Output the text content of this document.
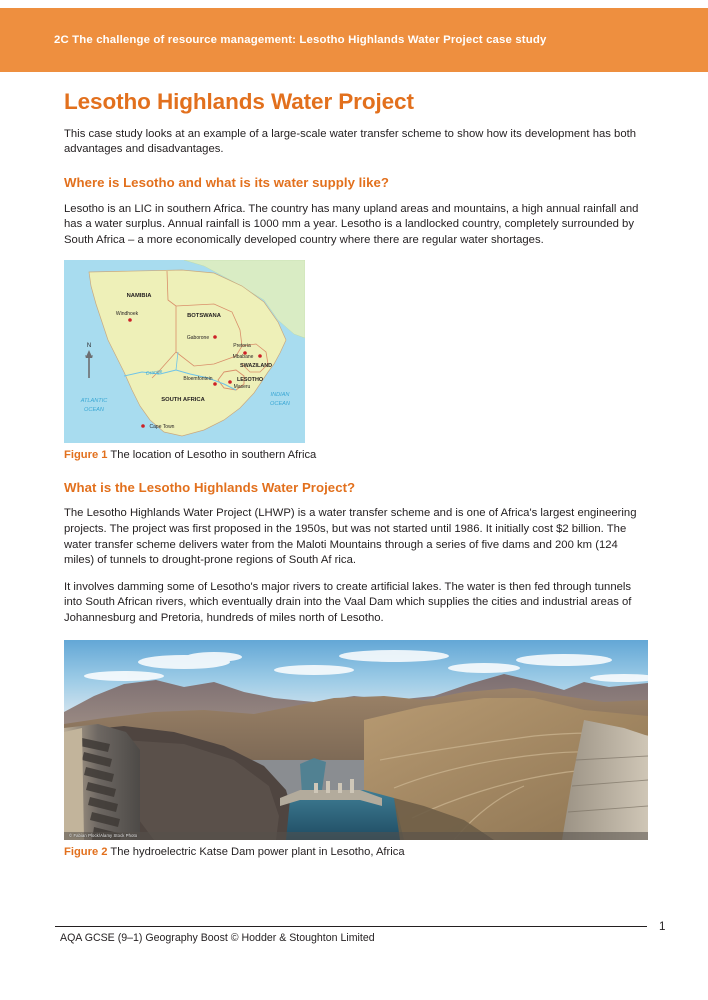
2C The challenge of resource management: Lesotho Highlands Water Project case study
Lesotho Highlands Water Project

This case study looks at an example of a large-scale water transfer scheme to show how its development has both advantages and disadvantages.

Where is Lesotho and what is its water supply like?

Lesotho is an LIC in southern Africa. The country has many upland areas and mountains, a high annual rainfall and has a water surplus. Annual rainfall is 1000 mm a year. Lesotho is a landlocked country, completely surrounded by South Africa – a more economically developed country where there are regular water shortages.

N
NAMIBIA
BOTSWANA
SWAZILAND
LESOTHO
SOUTH AFRICA
Windhoek
Gaborone
Pretoria
Mbabane
Bloemfontein
Maseru
Cape Town
Orange
ATLANTIC
OCEAN
INDIAN
OCEAN

Figure 1 The location of Lesotho in southern Africa

What is the Lesotho Highlands Water Project?

The Lesotho Highlands Water Project (LHWP) is a water transfer scheme and is one of Africa's largest engineering projects. The project was first proposed in the 1950s, but was not started until 1986. It initially cost $2 billion. The water transfer scheme delivers water from the Maloti Mountains through a series of five dams and 200 km (124 miles) of tunnels to drought-prone regions of South Af rica.

It involves damming some of Lesotho's major rivers to create artificial lakes. The water is then fed through tunnels into South African rivers, which eventually drain into the Vaal Dam which supplies the cities and industrial areas of Johannesburg and Pretoria, hundreds of miles north of Lesotho.

© Fabian Plock/Alamy Stock Photo

Figure 2 The hydroelectric Katse Dam power plant in Lesotho, Africa

AQA GCSE (9–1) Geography Boost © Hodder & Stoughton Limited
1
